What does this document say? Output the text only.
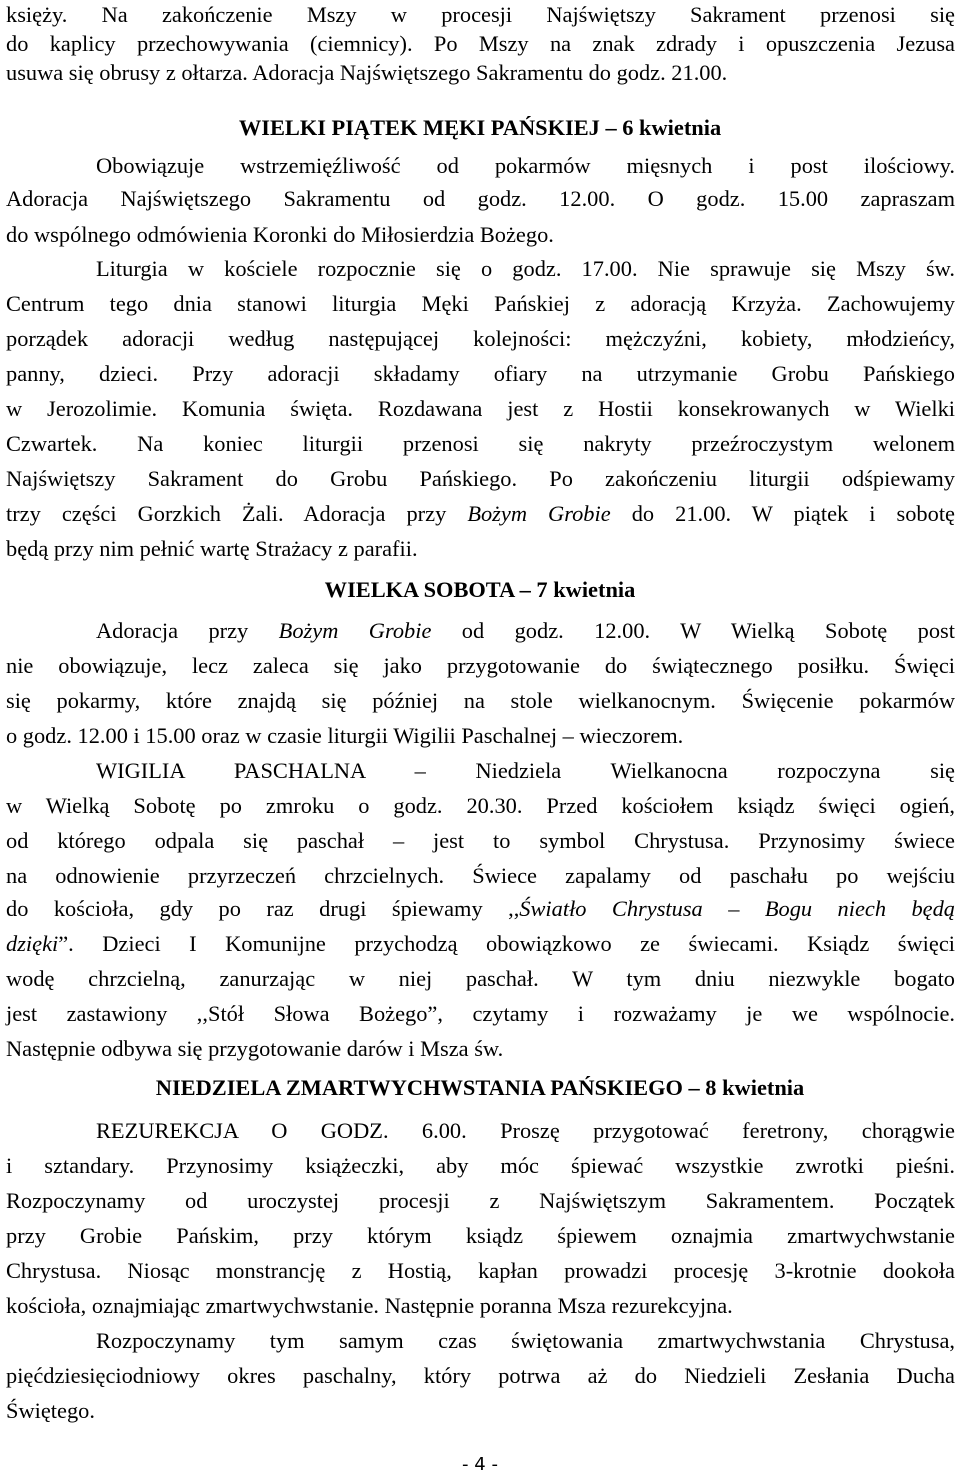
księży. Na zakończenie Mszy w procesji Najświętszy Sakrament przenosi się
do kaplicy przechowywania (ciemnicy). Po Mszy na znak zdrady i opuszczenia Jezusa
usuwa się obrusy z ołtarza. Adoracja Najświętszego Sakramentu do godz. 21.00.
WIELKI PIĄTEK MĘKI PAŃSKIEJ – 6 kwietnia
Obowiązuje wstrzemięźliwość od pokarmów mięsnych i post ilościowy.
Adoracja Najświętszego Sakramentu od godz. 12.00. O godz. 15.00 zapraszam
do wspólnego odmówienia Koronki do Miłosierdzia Bożego.
Liturgia w kościele rozpocznie się o godz. 17.00. Nie sprawuje się Mszy św.
Centrum tego dnia stanowi liturgia Męki Pańskiej z adoracją Krzyża. Zachowujemy
porządek adoracji według następującej kolejności: mężczyźni, kobiety, młodzieńcy,
panny, dzieci. Przy adoracji składamy ofiary na utrzymanie Grobu Pańskiego
w Jerozolimie. Komunia święta. Rozdawana jest z Hostii konsekrowanych w Wielki
Czwartek. Na koniec liturgii przenosi się nakryty przeźroczystym welonem
Najświętszy Sakrament do Grobu Pańskiego. Po zakończeniu liturgii odśpiewamy
trzy części Gorzkich Żali. Adoracja przy Bożym Grobie do 21.00. W piątek i sobotę
będą przy nim pełnić wartę Strażacy z parafii.
WIELKA SOBOTA – 7 kwietnia
Adoracja przy Bożym Grobie od godz. 12.00. W Wielką Sobotę post
nie obowiązuje, lecz zaleca się jako przygotowanie do świątecznego posiłku. Święci
się pokarmy, które znajdą się później na stole wielkanocnym. Święcenie pokarmów
o godz. 12.00 i 15.00 oraz w czasie liturgii Wigilii Paschalnej – wieczorem.
WIGILIA PASCHALNA – Niedziela Wielkanocna rozpoczyna się
w Wielką Sobotę po zmroku o godz. 20.30. Przed kościołem ksiądz święci ogień,
od którego odpala się paschał – jest to symbol Chrystusa. Przynosimy świece
na odnowienie przyrzeczeń chrzcielnych. Świece zapalamy od paschału po wejściu
do kościoła, gdy po raz drugi śpiewamy ,,Światło Chrystusa – Bogu niech będą
dzięki”. Dzieci I Komunijne przychodzą obowiązkowo ze świecami. Ksiądz święci
wodę chrzcielną, zanurzając w niej paschał. W tym dniu niezwykle bogato
jest zastawiony ,,Stół Słowa Bożego”, czytamy i rozważamy je we wspólnocie.
Następnie odbywa się przygotowanie darów i Msza św.
NIEDZIELA ZMARTWYCHWSTANIA PAŃSKIEGO – 8 kwietnia
REZUREKCJA O GODZ. 6.00. Proszę przygotować feretrony, chorągwie
i sztandary. Przynosimy książeczki, aby móc śpiewać wszystkie zwrotki pieśni.
Rozpoczynamy od uroczystej procesji z Najświętszym Sakramentem. Początek
przy Grobie Pańskim, przy którym ksiądz śpiewem oznajmia zmartwychwstanie
Chrystusa. Niosąc monstrancję z Hostią, kapłan prowadzi procesję 3-krotnie dookoła
kościoła, oznajmiając zmartwychwstanie. Następnie poranna Msza rezurekcyjna.
Rozpoczynamy tym samym czas świętowania zmartwychwstania Chrystusa,
pięćdziesięciodniowy okres paschalny, który potrwa aż do Niedzieli Zesłania Ducha
Świętego.
- 4 -
